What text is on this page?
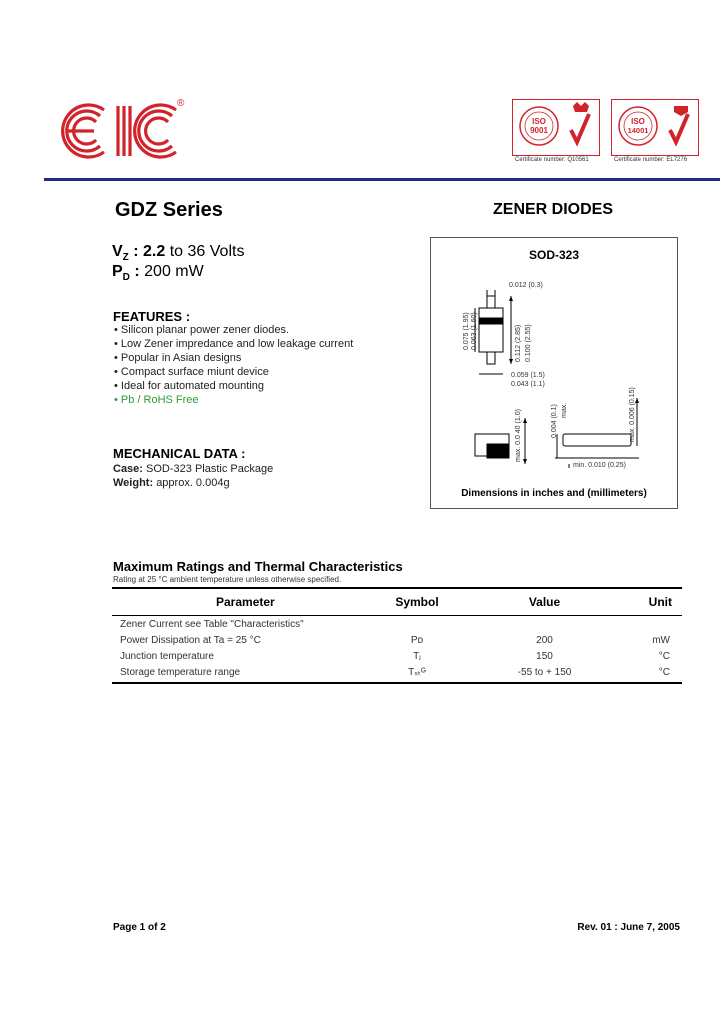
®
ISO
9001
Certificate number: Q10561
ISO
14001
Certificate number: EL7276
GDZ Series	ZENER DIODES
$V_Z$ : 2.2 to 36 Volts
$P_D$ : 200 mW
FEATURES :
• Silicon planar power zener diodes.
• Low Zener impredance and low leakage current
• Popular in Asian designs
• Compact surface miunt device
• Ideal for automated mounting
• Pb / RoHS Free
MECHANICAL DATA :
Case: SOD-323 Plastic Package
Weight: approx. 0.004g
SOD-323
0.012 (0.3)
0.075 (1.95) 0.063 (1.60)	0.112 (2.85) 0.100 (2.55)
0.059 (1.5)
0.043 (1.1)
max. 0.0 40 (1.0)	0.004 (0.1) max.	max. 0.006 (0.15)
min. 0.010 (0.25)
Dimensions in inches and (millimeters)
Maximum Ratings and Thermal Characteristics
Rating at 25 °C ambient temperature unless otherwise specified.
Parameter	Symbol	Value	Unit
Zener Current see Table "Characteristics"
Power Dissipation at Ta = 25 °C	Pᴅ	200	mW
Junction temperature	Tⱼ	150	°C
Storage temperature range	Tₛₜᴳ	-55 to + 150	°C
Page 1 of 2	Rev. 01 : June 7, 2005
